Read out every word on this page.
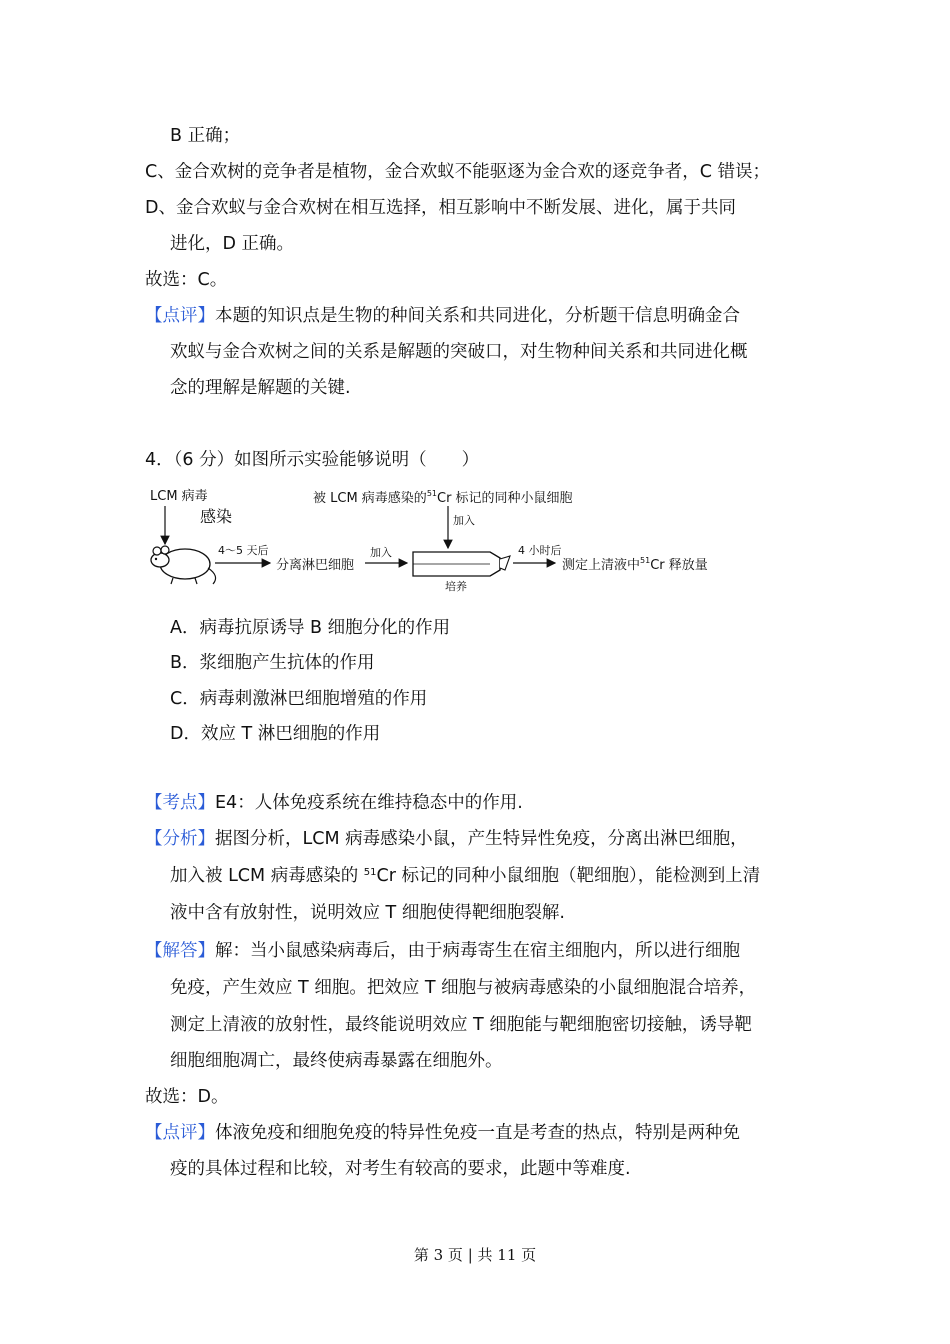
B 正确；
C、金合欢树的竞争者是植物，金合欢蚁不能驱逐为金合欢的逐竞争者，C 错误；
D、金合欢蚁与金合欢树在相互选择，相互影响中不断发展、进化，属于共同
进化，D 正确。
故选：C。
【点评】本题的知识点是生物的种间关系和共同进化，分析题干信息明确金合
欢蚁与金合欢树之间的关系是解题的突破口，对生物种间关系和共同进化概
念的理解是解题的关键.
4．（6 分）如图所示实验能够说明（　　）
LCM 病毒
感染
4～5 天后
分离淋巴细胞
被 LCM 病毒感染的$^{51}$Cr 标记的同种小鼠细胞
加入
加入
培养
4 小时后
测定上清液中$^{51}$Cr 释放量
A．病毒抗原诱导 B 细胞分化的作用
B．浆细胞产生抗体的作用
C．病毒刺激淋巴细胞增殖的作用
D．效应 T 淋巴细胞的作用
【考点】E4：人体免疫系统在维持稳态中的作用.
【分析】据图分析，LCM 病毒感染小鼠，产生特异性免疫，分离出淋巴细胞，
加入被 LCM 病毒感染的 $^{51}$Cr 标记的同种小鼠细胞（靶细胞），能检测到上清
液中含有放射性，说明效应 T 细胞使得靶细胞裂解.
【解答】解：当小鼠感染病毒后，由于病毒寄生在宿主细胞内，所以进行细胞
免疫，产生效应 T 细胞。把效应 T 细胞与被病毒感染的小鼠细胞混合培养，
测定上清液的放射性，最终能说明效应 T 细胞能与靶细胞密切接触，诱导靶
细胞细胞凋亡，最终使病毒暴露在细胞外。
故选：D。
【点评】体液免疫和细胞免疫的特异性免疫一直是考查的热点，特别是两种免
疫的具体过程和比较，对考生有较高的要求，此题中等难度.
第 3 页 | 共 11 页
